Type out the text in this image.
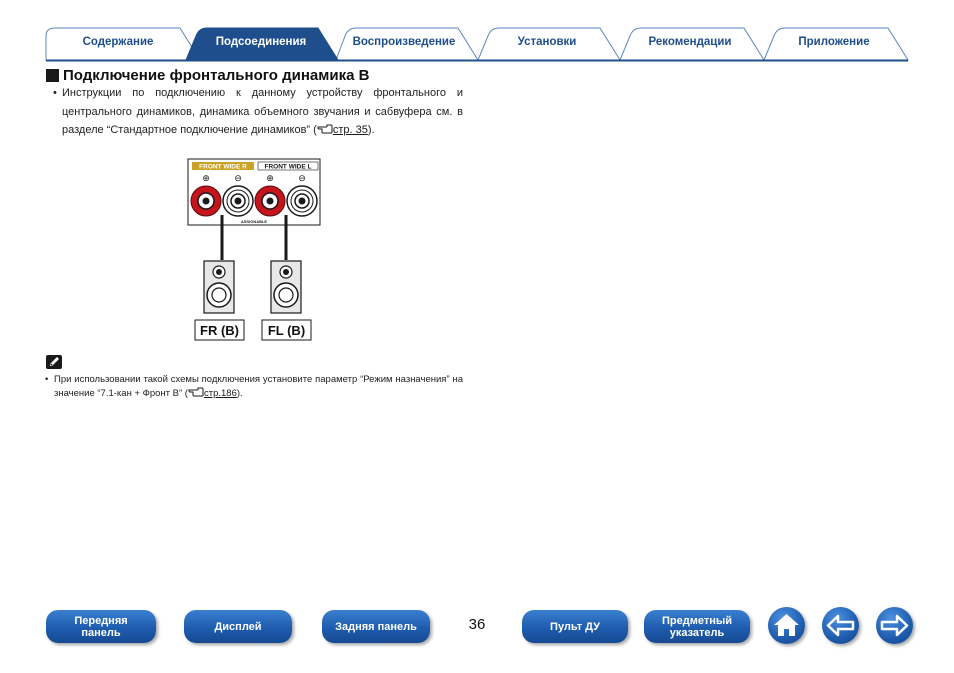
Содержание	Подсоединения	Воспроизведение	Установки	Рекомендации	Приложение
Подключение фронтального динамика B
• Инструкции по подключению к данному устройству фронтального и центрального динамиков, динамика объемного звучания и сабвуфера см. в разделе “Стандартное подключение динамиков” ( стр. 35).
FRONT WIDE R	FRONT WIDE L
⊕	⊖	⊕	⊖
ASSIGNABLE
FR (B) FL (B)
• При использовании такой схемы подключения установите параметр “Режим назначения” на значение “7.1-кан + Фронт B” ( стр.186).
Передняя
панель	Дисплей	Задняя панель	36	Пульт ДУ	Предметный
указатель
